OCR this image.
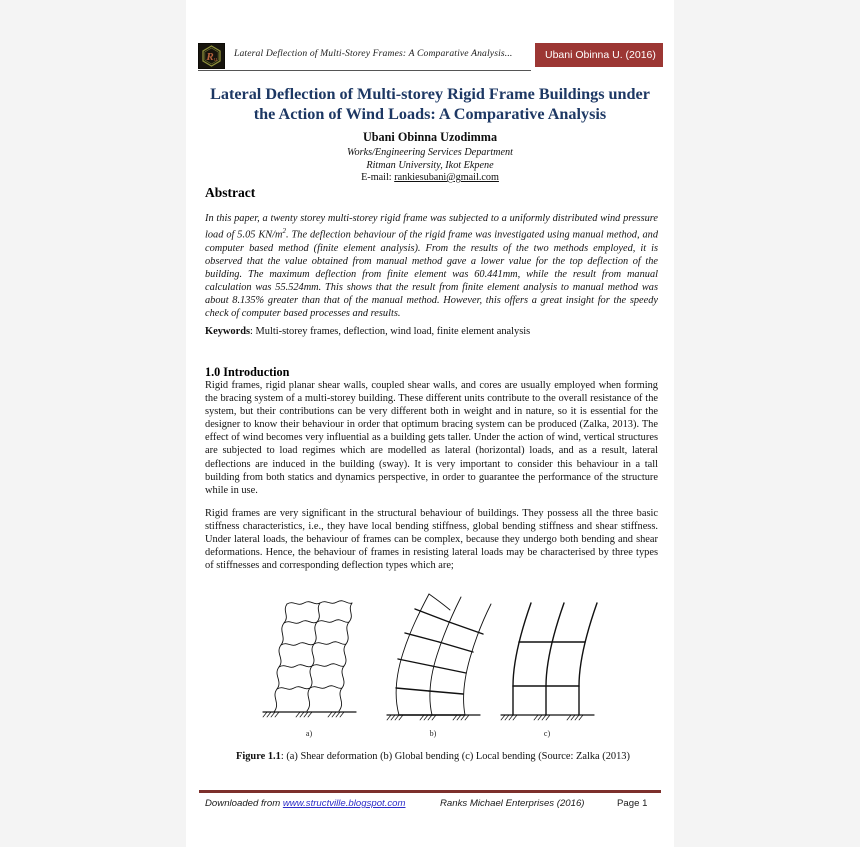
R u
Lateral Deflection of Multi-Storey Frames: A Comparative Analysis...	Ubani Obinna U. (2016)
Lateral Deflection of Multi-storey Rigid Frame Buildings under the Action of Wind Loads: A Comparative Analysis
Ubani Obinna Uzodimma
Works/Engineering Services Department
Ritman University, Ikot Ekpene
E-mail: rankiesubani@gmail.com
Abstract
In this paper, a twenty storey multi-storey rigid frame was subjected to a uniformly distributed wind pressure load of 5.05 $KN/m^2$. The deflection behaviour of the rigid frame was investigated using manual method, and computer based method (finite element analysis). From the results of the two methods employed, it is observed that the value obtained from manual method gave a lower value for the top deflection of the building. The maximum deflection from finite element was 60.441mm, while the result from manual calculation was 55.524mm. This shows that the result from finite element analysis to manual method was about 8.135% greater than that of the manual method. However, this offers a great insight for the speedy check of computer based processes and results.
Keywords: Multi-storey frames, deflection, wind load, finite element analysis
1.0 Introduction
Rigid frames, rigid planar shear walls, coupled shear walls, and cores are usually employed when forming the bracing system of a multi-storey building. These different units contribute to the overall resistance of the system, but their contributions can be very different both in weight and in nature, so it is essential for the designer to know their behaviour in order that optimum bracing system can be produced (Zalka, 2013). The effect of wind becomes very influential as a building gets taller. Under the action of wind, vertical structures are subjected to load regimes which are modelled as lateral (horizontal) loads, and as a result, lateral deflections are induced in the building (sway). It is very important to consider this behaviour in a tall building from both statics and dynamics perspective, in order to guarantee the performance of the structure while in use.
Rigid frames are very significant in the structural behaviour of buildings. They possess all the three basic stiffness characteristics, i.e., they have local bending stiffness, global bending stiffness and shear stiffness. Under lateral loads, the behaviour of frames can be complex, because they undergo both bending and shear deformations. Hence, the behaviour of frames in resisting lateral loads may be characterised by three types of stiffnesses and corresponding deflection types which are;
a)	b)	c)
Figure 1.1: (a) Shear deformation (b) Global bending (c) Local bending (Source: Zalka (2013)
Downloaded from www.structville.blogspot.com	Ranks Michael Enterprises (2016)	Page 1
